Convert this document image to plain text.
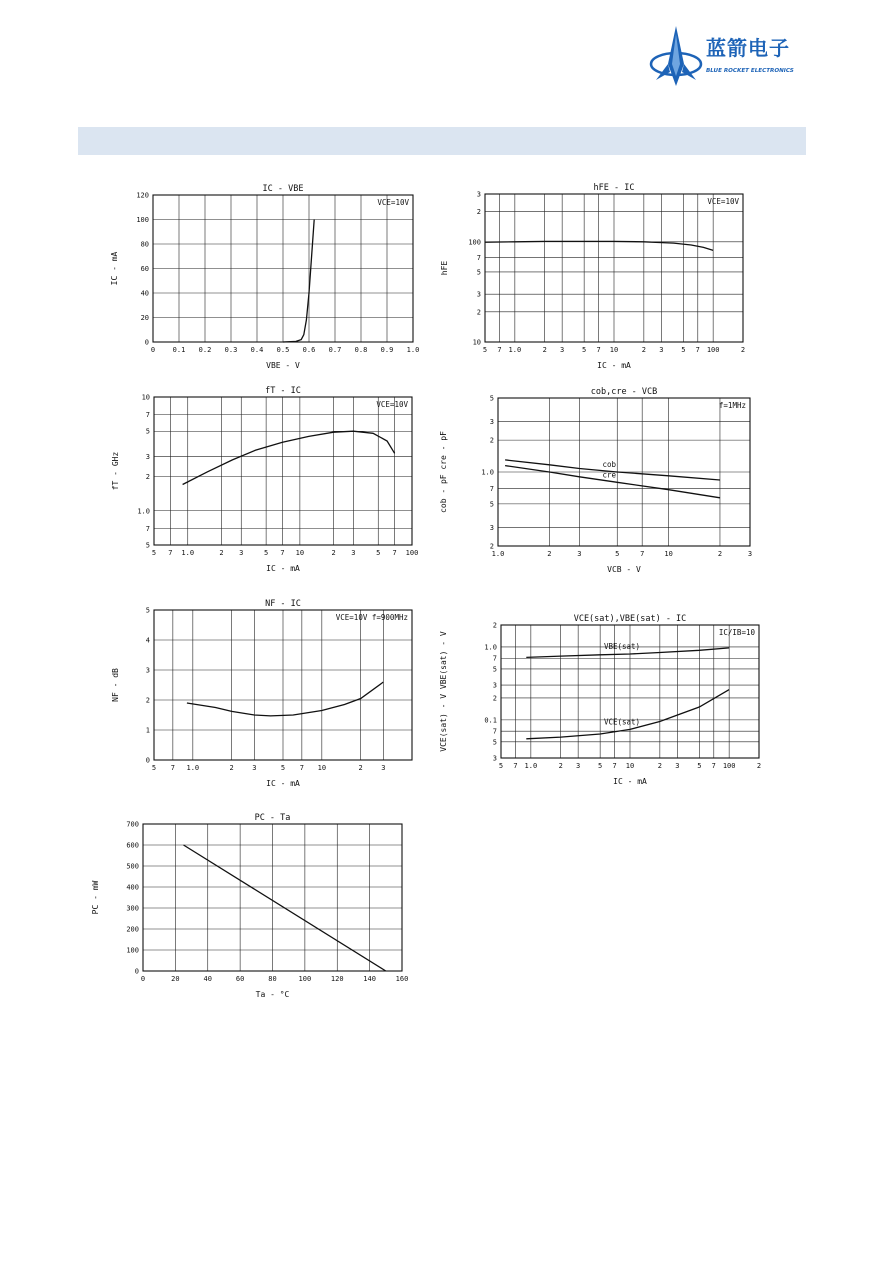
蓝箭电子
BLUE ROCKET ELECTRONICS
0	0.1 0.2 0.3 0.4 0.5 0.6 0.7 0.8 0.9 1.0
0
20
40
60
80
100
120
IC - VBE
VCE=10V
VBE - V
IC - mA
5 7 1.0	2 3	5 7 10	2 3	5 7 100	2
10
2
3
5
7
100
2
3
hFE - IC
VCE=10V
IC - mA
hFE
5 7 1.0	2 3	5 7 10	2 3	5 7 100
5
7
1.0
2
3
5
7
10
fT - IC
VCE=10V
IC - mA
fT - GHz
1.0	2	3	5	7	10	2	3
2
3
5
7
1.0
2
3
5
cob,cre - VCB
f=1MHz
VCB - V
cob - pF cre - pF	cob
cre
5 7 1.0	2	3	5 7 10	2	3
0
1
2
3
4
5
NF - IC
VCE=10V f=900MHz
IC - mA
NF - dB
5 7 1.0	2 3	5 7 10	2 3	5 7 100	2
3
5
7
0.1
2
3
5
7
1.0
2
VCE(sat),VBE(sat) - IC
IC/IB=10
IC - mA
VCE(sat) - V VBE(sat) - V	VBE(sat)
VCE(sat)
0	20	40	60	80	100	120	140	160
0
100
200
300
400
500
600
700
PC - Ta
Ta - °C
PC - mW
